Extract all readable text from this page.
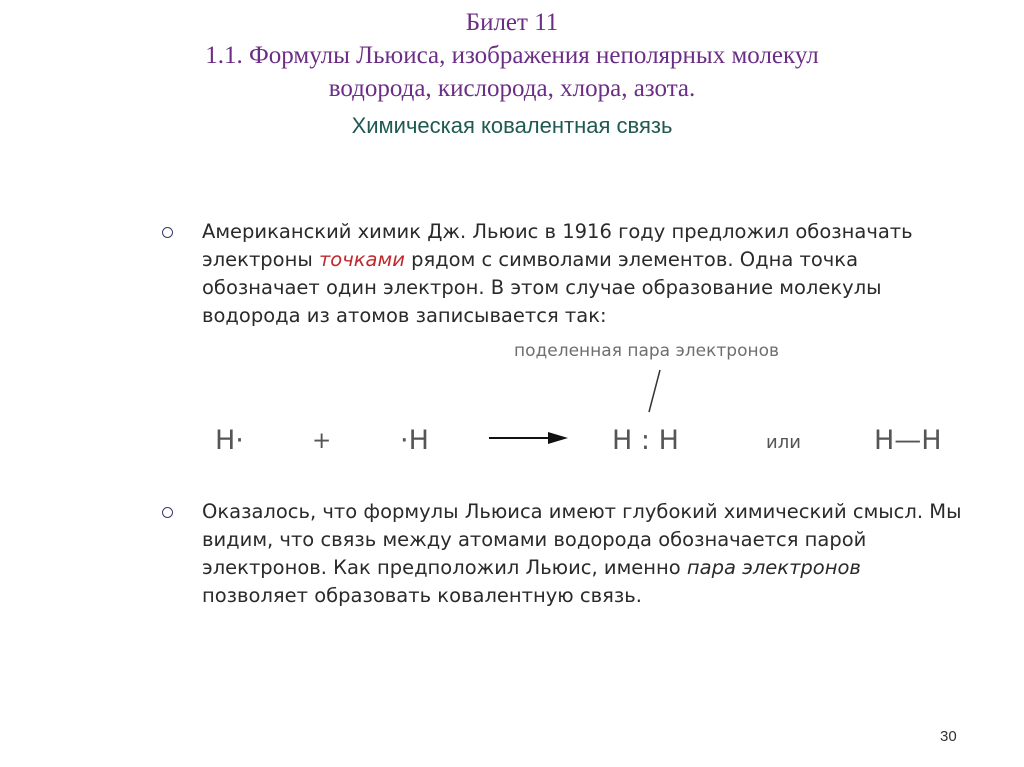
Билет 11
1.1. Формулы Льюиса, изображения неполярных молекул
водорода, кислорода, хлора, азота.
Химическая ковалентная связь
Американский химик Дж. Льюис в 1916 году предложил обозначать электроны точками рядом с символами элементов. Одна точка обозначает один электрон. В этом случае образование молекулы водорода из атомов записывается так:
поделенная пара электронов
H·	+	·H	H : H	или	H—H
Оказалось, что формулы Льюиса имеют глубокий химический смысл. Мы видим, что связь между атомами водорода обозначается парой электронов. Как предположил Льюис, именно пара электронов позволяет образовать ковалентную связь.
30
